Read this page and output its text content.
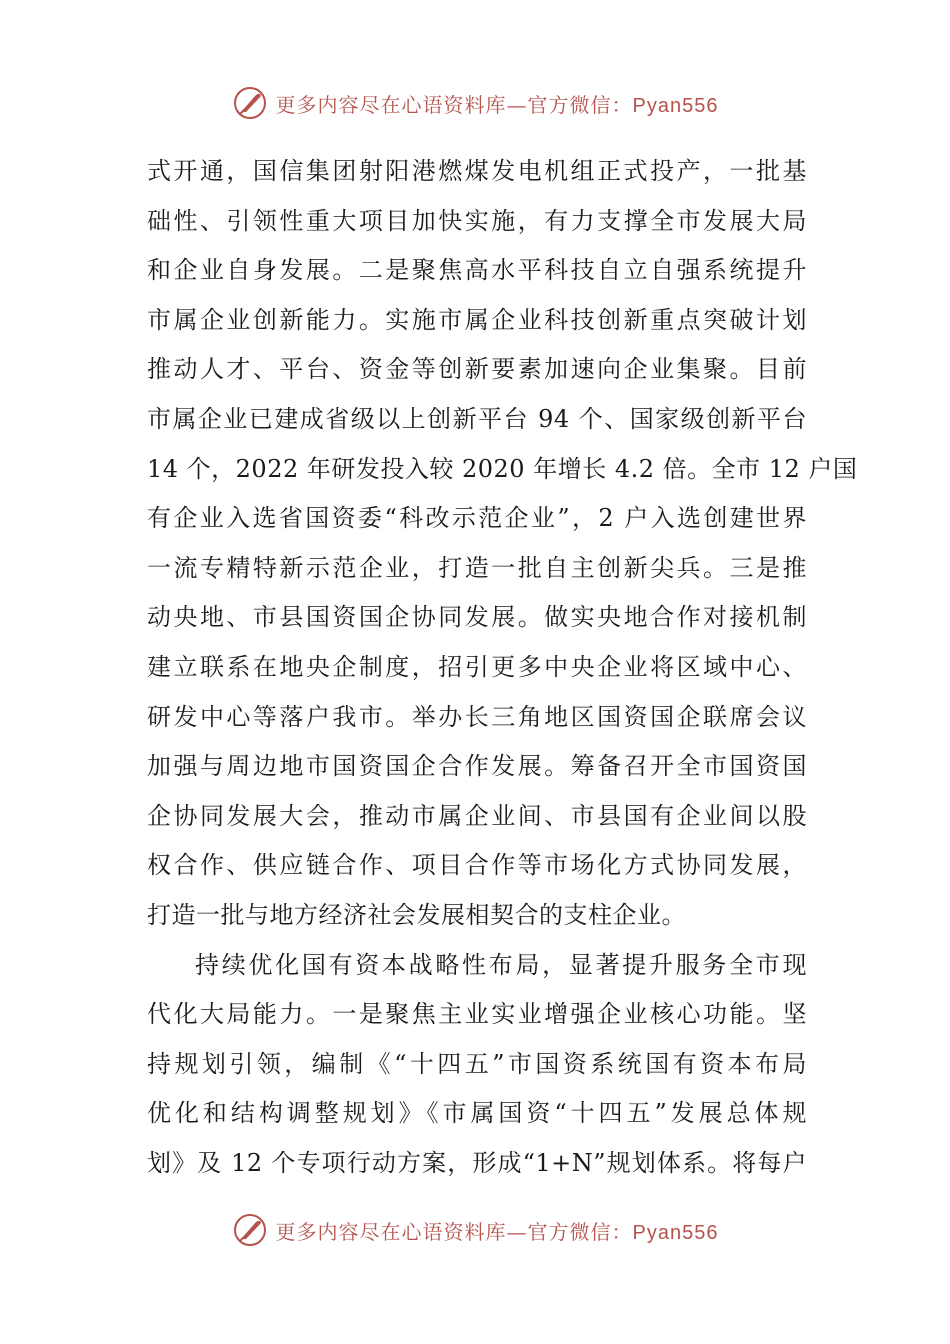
更多内容尽在心语资料库—官方微信：Pyan556
式开通，国信集团射阳港燃煤发电机组正式投产，一批基
础性、引领性重大项目加快实施，有力支撑全市发展大局
和企业自身发展。二是聚焦高水平科技自立自强系统提升
市属企业创新能力。实施市属企业科技创新重点突破计划
推动人才、平台、资金等创新要素加速向企业集聚。目前
市属企业已建成省级以上创新平台 94 个、国家级创新平台
14 个，2022 年研发投入较 2020 年增长 4.2 倍。全市 12 户国
有企业入选省国资委“科改示范企业”，2 户入选创建世界
一流专精特新示范企业，打造一批自主创新尖兵。三是推
动央地、市县国资国企协同发展。做实央地合作对接机制
建立联系在地央企制度，招引更多中央企业将区域中心、
研发中心等落户我市。举办长三角地区国资国企联席会议
加强与周边地市国资国企合作发展。筹备召开全市国资国
企协同发展大会，推动市属企业间、市县国有企业间以股
权合作、供应链合作、项目合作等市场化方式协同发展，
打造一批与地方经济社会发展相契合的支柱企业。
持续优化国有资本战略性布局，显著提升服务全市现
代化大局能力。一是聚焦主业实业增强企业核心功能。坚
持规划引领，编制《“十四五”市国资系统国有资本布局
优化和结构调整规划》《市属国资“十四五”发展总体规
划》及 12 个专项行动方案，形成“1+N”规划体系。将每户
更多内容尽在心语资料库—官方微信：Pyan556
